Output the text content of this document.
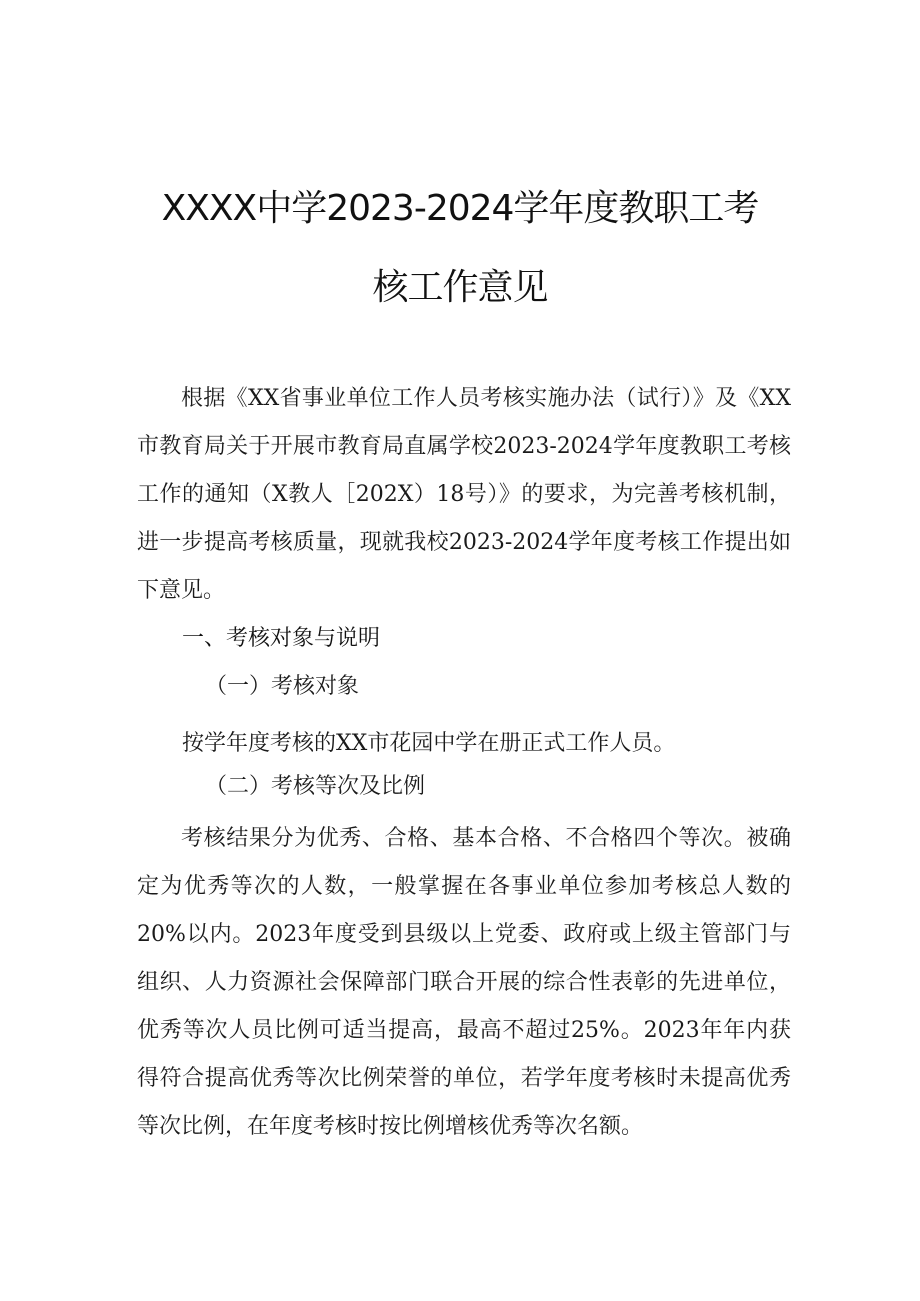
XXXX中学2023-2024学年度教职工考
核工作意见

根据《XX省事业单位工作人员考核实施办法（试行）》及《XX市教育局关于开展市教育局直属学校2023-2024学年度教职工考核工作的通知（X教人［202X）18号）》的要求，为完善考核机制，进一步提高考核质量，现就我校2023-2024学年度考核工作提出如下意见。

一、考核对象与说明

（一）考核对象

按学年度考核的XX市花园中学在册正式工作人员。

（二）考核等次及比例

考核结果分为优秀、合格、基本合格、不合格四个等次。被确定为优秀等次的人数，一般掌握在各事业单位参加考核总人数的20%以内。2023年度受到县级以上党委、政府或上级主管部门与组织、人力资源社会保障部门联合开展的综合性表彰的先进单位，优秀等次人员比例可适当提高，最高不超过25%。2023年年内获得符合提高优秀等次比例荣誉的单位，若学年度考核时未提高优秀等次比例，在年度考核时按比例增核优秀等次名额。
